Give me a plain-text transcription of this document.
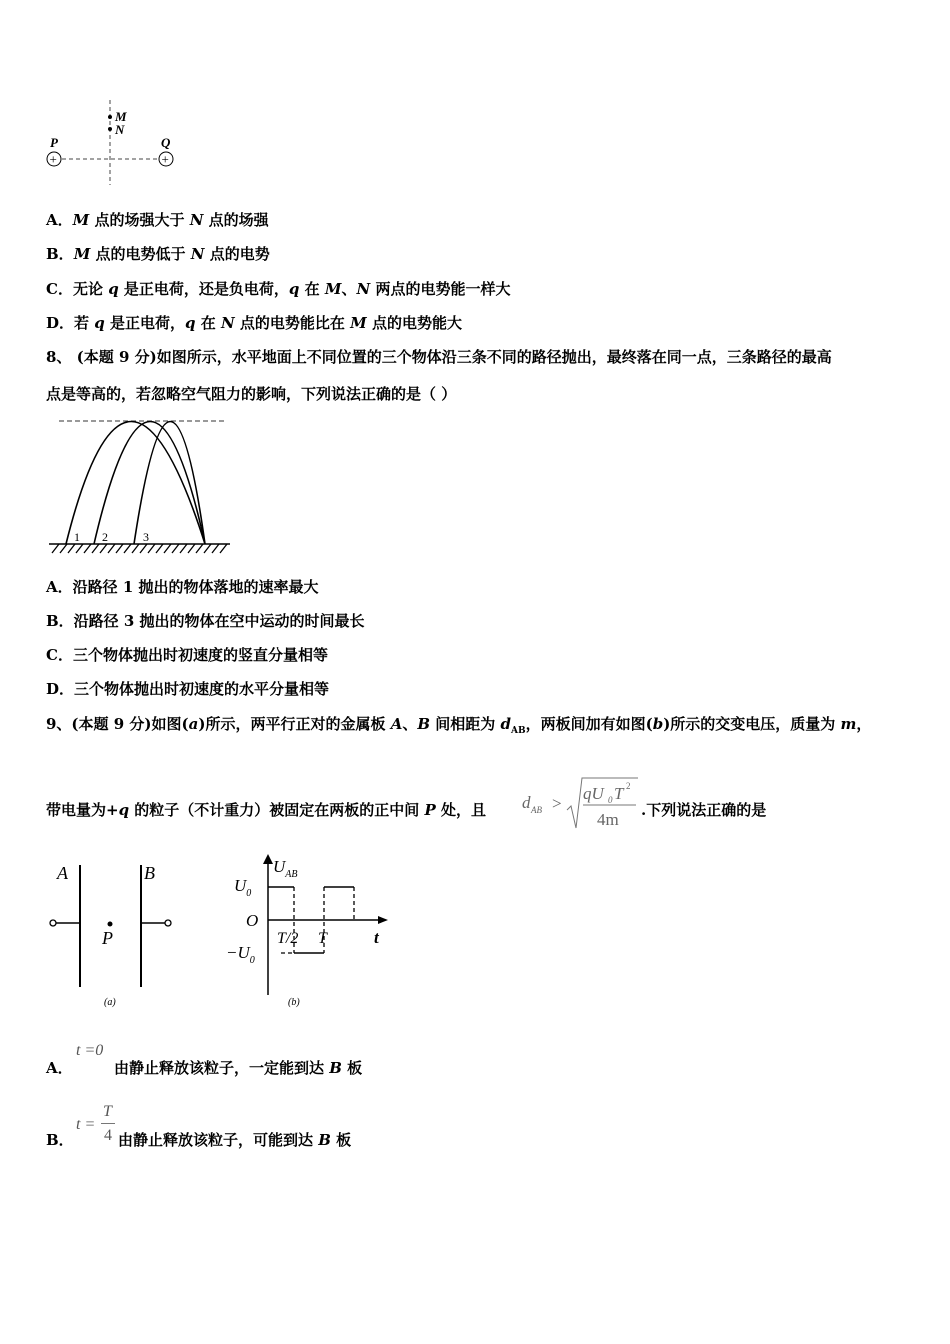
M
N
+	+
P	Q
A．M 点的场强大于 N 点的场强
B．M 点的电势低于 N 点的电势
C．无论 q 是正电荷，还是负电荷，q 在 M、N 两点的电势能一样大
D．若 q 是正电荷，q 在 N 点的电势能比在 M 点的电势能大
8、 (本题 9 分)如图所示，水平地面上不同位置的三个物体沿三条不同的路径抛出，最终落在同一点，三条路径的最高
点是等高的，若忽略空气阻力的影响，下列说法正确的是（ ）
1 2	3
A．沿路径 1 抛出的物体落地的速率最大
B．沿路径 3 抛出的物体在空中运动的时间最长
C．三个物体抛出时初速度的竖直分量相等
D．三个物体抛出时初速度的水平分量相等
9、(本题 9 分)如图(a)所示，两平行正对的金属板 A、B 间相距为 $d_{AB}$，两板间加有如图(b)所示的交变电压，质量为 m，
带电量为+q 的粒子（不计重力）被固定在两板的正中间 P 处，且 d AB >
qU 0 T 2
4m .下列说法正确的是
A	B
P
(a)
$U_{AB}$
t
O
$U_0$
$-U_0$
T/2 T
(b)
A．
t =0
由静止释放该粒子，一定能到达 B 板
B．
t =
T
4 由静止释放该粒子，可能到达 B 板
